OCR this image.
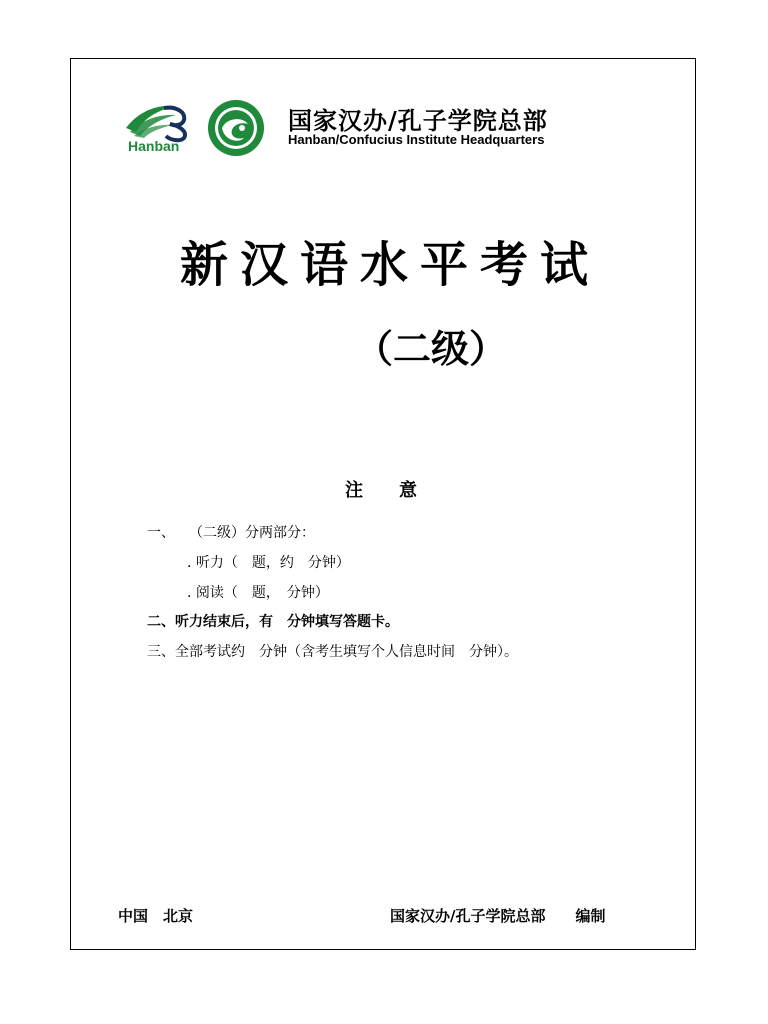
Hanban
国家汉办/孔子学院总部
Hanban/Confucius Institute Headquarters
新汉语水平考试
（二级）
注　　意
一、　　（二级）分两部分：
. 听力（　题，约　分钟）
. 阅读（　题，　分钟）
二、听力结束后，有　分钟填写答题卡。
三、全部考试约　分钟（含考生填写个人信息时间　分钟）。
中国　北京	国家汉办/孔子学院总部　　编制
